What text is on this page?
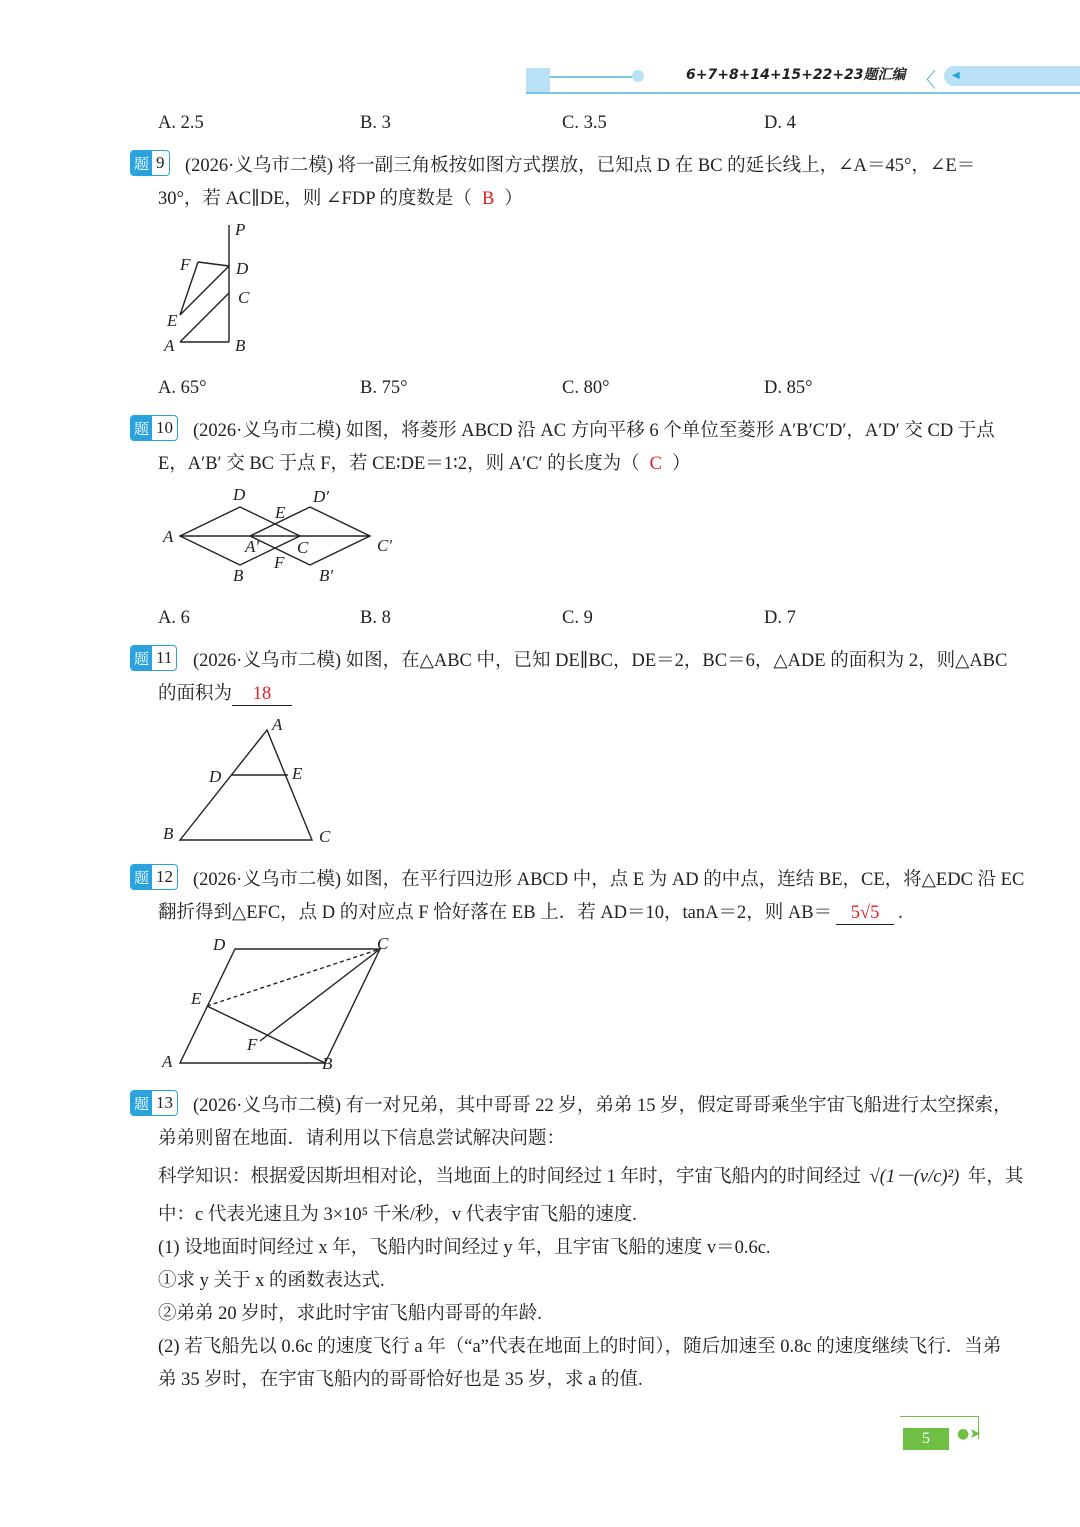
6+7+8+14+15+22+23题汇编 〈 ◀
A. 2.5	B. 3	C. 3.5	D. 4
题 9 (2026·义乌市二模) 将一副三角板按如图方式摆放，已知点 D 在 BC 的延长线上，∠A＝45°，∠E＝
30°，若 AC∥DE，则 ∠FDP 的度数是（ B ）
P
F	D
C
E
A	B
A. 65°	B. 75°	C. 80°	D. 85°
题 10 (2026·义乌市二模) 如图，将菱形 ABCD 沿 AC 方向平移 6 个单位至菱形 A′B′C′D′，A′D′ 交 CD 于点
E，A′B′ 交 BC 于点 F，若 CE∶DE＝1∶2，则 A′C′ 的长度为（ C ）
D	D′
E
A
A′ C	C′
F
B	B′
A. 6	B. 8	C. 9	D. 7
题 11 (2026·义乌市二模) 如图，在△ABC 中，已知 DE∥BC，DE＝2，BC＝6，△ADE 的面积为 2，则△ABC
的面积为 18
A
D	E
B	C
题 12 (2026·义乌市二模) 如图，在平行四边形 ABCD 中，点 E 为 AD 的中点，连结 BE，CE，将△EDC 沿 EC
翻折得到△EFC，点 D 的对应点 F 恰好落在 EB 上．若 AD＝10，tanA＝2，则 AB＝ 5√5 .
D	C
E
F
A	B
题 13 (2026·义乌市二模) 有一对兄弟，其中哥哥 22 岁，弟弟 15 岁，假定哥哥乘坐宇宙飞船进行太空探索，
弟弟则留在地面．请利用以下信息尝试解决问题：
科学知识：根据爱因斯坦相对论，当地面上的时间经过 1 年时，宇宙飞船内的时间经过 √(1－(v/c)²) 年，其
中：c 代表光速且为 3×10⁵ 千米/秒，v 代表宇宙飞船的速度.
(1) 设地面时间经过 x 年，飞船内时间经过 y 年，且宇宙飞船的速度 v＝0.6c.
①求 y 关于 x 的函数表达式.
②弟弟 20 岁时，求此时宇宙飞船内哥哥的年龄.
(2) 若飞船先以 0.6c 的速度飞行 a 年（“a”代表在地面上的时间），随后加速至 0.8c 的速度继续飞行．当弟
弟 35 岁时，在宇宙飞船内的哥哥恰好也是 35 岁，求 a 的值.
5	●➤
